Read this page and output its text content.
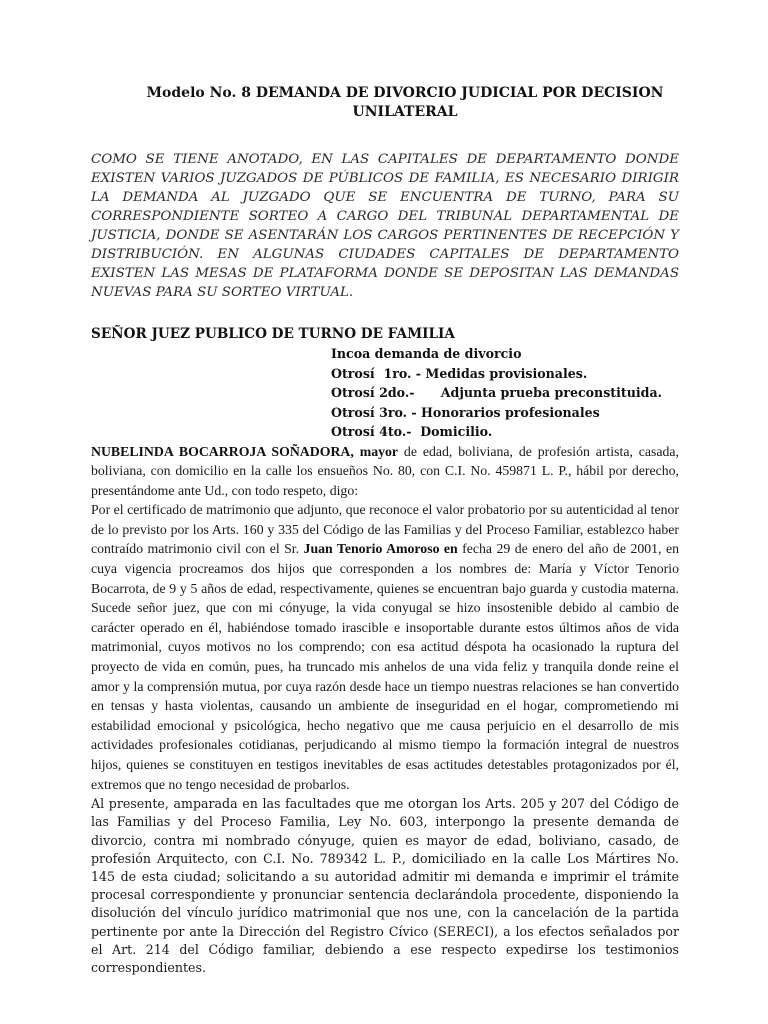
Modelo No. 8 DEMANDA DE DIVORCIO JUDICIAL POR DECISION UNILATERAL

COMO SE TIENE ANOTADO, EN LAS CAPITALES DE DEPARTAMENTO DONDE EXISTEN VARIOS JUZGADOS DE PÚBLICOS DE FAMILIA, ES NECESARIO DIRIGIR LA DEMANDA AL JUZGADO QUE SE ENCUENTRA DE TURNO, PARA SU CORRESPONDIENTE SORTEO A CARGO DEL TRIBUNAL DEPARTAMENTAL DE JUSTICIA, DONDE SE ASENTARÁN LOS CARGOS PERTINENTES DE RECEPCIÓN Y DISTRIBUCIÓN. EN ALGUNAS CIUDADES CAPITALES DE DEPARTAMENTO EXISTEN LAS MESAS DE PLATAFORMA DONDE SE DEPOSITAN LAS DEMANDAS NUEVAS PARA SU SORTEO VIRTUAL.

SEÑOR JUEZ PUBLICO DE TURNO DE FAMILIA

Incoa demanda de divorcio
Otrosí  1ro. - Medidas provisionales.
Otrosí 2do.-      Adjunta prueba preconstituida.
Otrosí 3ro. - Honorarios profesionales
Otrosí 4to.-  Domicilio.

NUBELINDA BOCARROJA SOÑADORA, mayor de edad, boliviana, de profesión artista, casada, boliviana, con domicilio en la calle los ensueños No. 80, con C.I. No. 459871 L. P., hábil por derecho, presentándome ante Ud., con todo respeto, digo:

Por el certificado de matrimonio que adjunto, que reconoce el valor probatorio por su autenticidad al tenor de lo previsto por los Arts. 160 y 335 del Código de las Familias y del Proceso Familiar, establezco haber contraído matrimonio civil con el Sr. Juan Tenorio Amoroso en fecha 29 de enero del año de 2001, en cuya vigencia procreamos dos hijos que corresponden a los nombres de: María y Víctor Tenorio Bocarrota, de 9 y 5 años de edad, respectivamente, quienes se encuentran bajo guarda y custodia materna. Sucede señor juez, que con mi cónyuge, la vida conyugal se hizo insostenible debido al cambio de carácter operado en él, habiéndose tomado irascible e insoportable durante estos últimos años de vida matrimonial, cuyos motivos no los comprendo; con esa actitud déspota ha ocasionado la ruptura del proyecto de vida en común, pues, ha truncado mis anhelos de una vida feliz y tranquila donde reine el amor y la comprensión mutua, por cuya razón desde hace un tiempo nuestras relaciones se han convertido en tensas y hasta violentas, causando un ambiente de inseguridad en el hogar, comprometiendo mi estabilidad emocional y psicológica, hecho negativo que me causa perjuicio en el desarrollo de mis actividades profesionales cotidianas, perjudicando al mismo tiempo la formación integral de nuestros hijos, quienes se constituyen en testigos inevitables de esas actitudes detestables protagonizados por él, extremos que no tengo necesidad de probarlos.

Al presente, amparada en las facultades que me otorgan los Arts. 205 y 207 del Código de las Familias y del Proceso Familia, Ley No. 603, interpongo la presente demanda de divorcio, contra mi nombrado cónyuge, quien es mayor de edad, boliviano, casado, de profesión Arquitecto, con C.I. No. 789342 L. P., domiciliado en la calle Los Mártires No. 145 de esta ciudad; solicitando a su autoridad admitir mi demanda e imprimir el trámite procesal correspondiente y pronunciar sentencia declarándola procedente, disponiendo la disolución del vínculo jurídico matrimonial que nos une, con la cancelación de la partida pertinente por ante la Dirección del Registro Cívico (SERECI), a los efectos señalados por el Art. 214 del Código familiar, debiendo a ese respecto expedirse los testimonios correspondientes.
